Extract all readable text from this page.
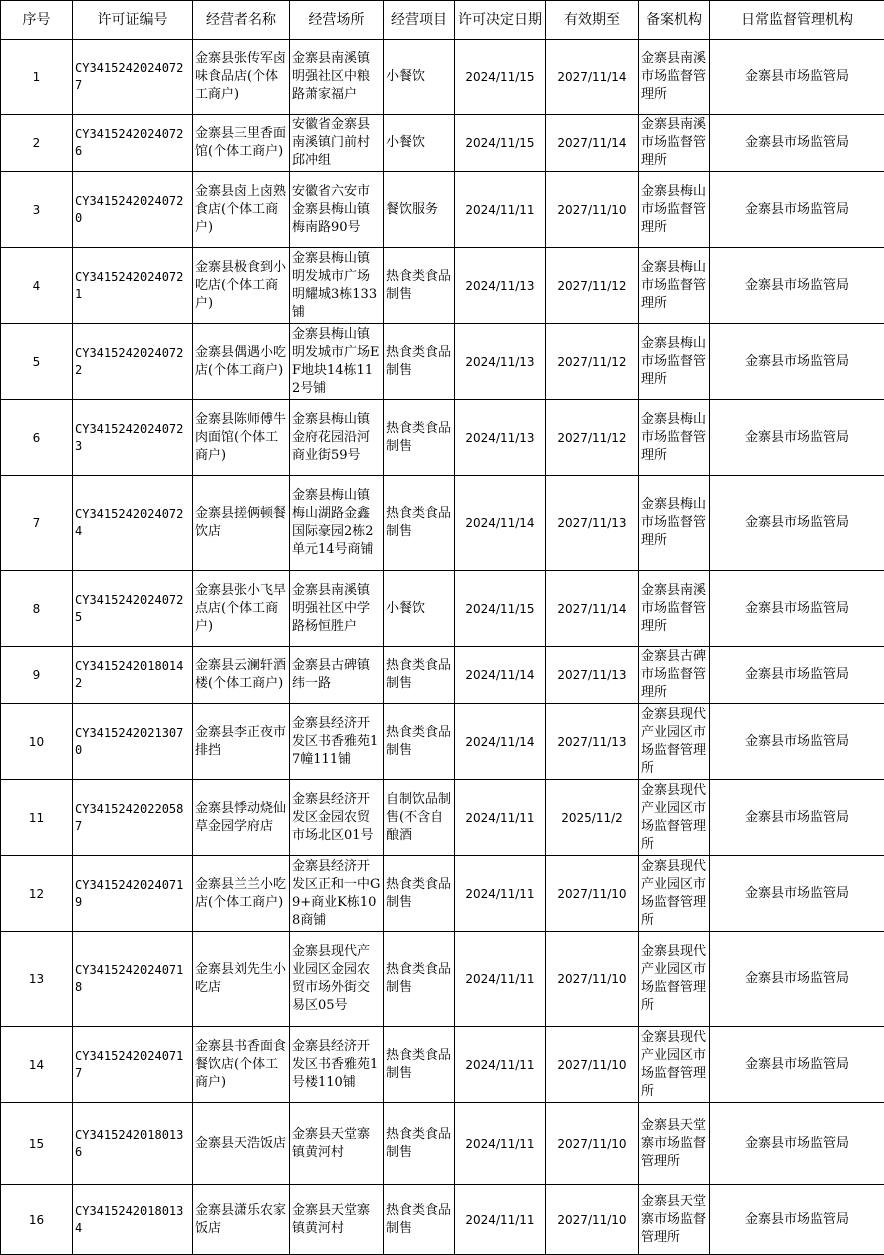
序号	许可证编号	经营者名称	经营场所	经营项目	许可决定日期	有效期至	备案机构	日常监督管理机构

1	CY34152420240727	金寨县张传军卤味食品店(个体工商户)	金寨县南溪镇明强社区中粮路萧家福户	小餐饮	2024/11/15	2027/11/14	金寨县南溪市场监督管理所	金寨县市场监管局

2	CY34152420240726	金寨县三里香面馆(个体工商户)	安徽省金寨县南溪镇门前村邱冲组	小餐饮	2024/11/15	2027/11/14	金寨县南溪市场监督管理所	金寨县市场监管局

3	CY34152420240720	金寨县卤上卤熟食店(个体工商户)	安徽省六安市金寨县梅山镇梅南路90号	餐饮服务	2024/11/11	2027/11/10	金寨县梅山市场监督管理所	金寨县市场监管局

4	CY34152420240721	金寨县极食到小吃店(个体工商户)	金寨县梅山镇明发城市广场明耀城3栋133铺	热食类食品制售	2024/11/13	2027/11/12	金寨县梅山市场监督管理所	金寨县市场监管局

5	CY34152420240722	金寨县偶遇小吃店(个体工商户)	金寨县梅山镇明发城市广场EF地块14栋112号铺	热食类食品制售	2024/11/13	2027/11/12	金寨县梅山市场监督管理所	金寨县市场监管局

6	CY34152420240723	金寨县陈师傅牛肉面馆(个体工商户)	金寨县梅山镇金府花园沿河商业街59号	热食类食品制售	2024/11/13	2027/11/12	金寨县梅山市场监督管理所	金寨县市场监管局

7	CY34152420240724	金寨县搓俩顿餐饮店	金寨县梅山镇梅山湖路金鑫国际豪园2栋2单元14号商铺	热食类食品制售	2024/11/14	2027/11/13	金寨县梅山市场监督管理所	金寨县市场监管局

8	CY34152420240725	金寨县张小飞早点店(个体工商户)	金寨县南溪镇明强社区中学路杨恒胜户	小餐饮	2024/11/15	2027/11/14	金寨县南溪市场监督管理所	金寨县市场监管局

9	CY34152420180142	金寨县云澜轩酒楼(个体工商户)	金寨县古碑镇纬一路	热食类食品制售	2024/11/14	2027/11/13	金寨县古碑市场监督管理所	金寨县市场监管局

10	CY34152420213070	金寨县李正夜市排挡	金寨县经济开发区书香雅苑17幢111铺	热食类食品制售	2024/11/14	2027/11/13	金寨县现代产业园区市场监督管理所	金寨县市场监管局

11	CY34152420220587	金寨县悸动烧仙草金园学府店	金寨县经济开发区金园农贸市场北区01号	自制饮品制售(不含自酿酒	2024/11/11	2025/11/2	金寨县现代产业园区市场监督管理所	金寨县市场监管局

12	CY34152420240719	金寨县兰兰小吃店(个体工商户)	金寨县经济开发区正和一中G9+商业K栋108商铺	热食类食品制售	2024/11/11	2027/11/10	金寨县现代产业园区市场监督管理所	金寨县市场监管局

13	CY34152420240718	金寨县刘先生小吃店	金寨县现代产业园区金园农贸市场外街交易区05号	热食类食品制售	2024/11/11	2027/11/10	金寨县现代产业园区市场监督管理所	金寨县市场监管局

14	CY34152420240717	金寨县书香面食餐饮店(个体工商户)	金寨县经济开发区书香雅苑1号楼110铺	热食类食品制售	2024/11/11	2027/11/10	金寨县现代产业园区市场监督管理所	金寨县市场监管局

15	CY34152420180136	金寨县天浩饭店	金寨县天堂寨镇黄河村	热食类食品制售	2024/11/11	2027/11/10	金寨县天堂寨市场监督管理所	金寨县市场监管局

16	CY34152420180134	金寨县潇乐农家饭店	金寨县天堂寨镇黄河村	热食类食品制售	2024/11/11	2027/11/10	金寨县天堂寨市场监督管理所	金寨县市场监管局
